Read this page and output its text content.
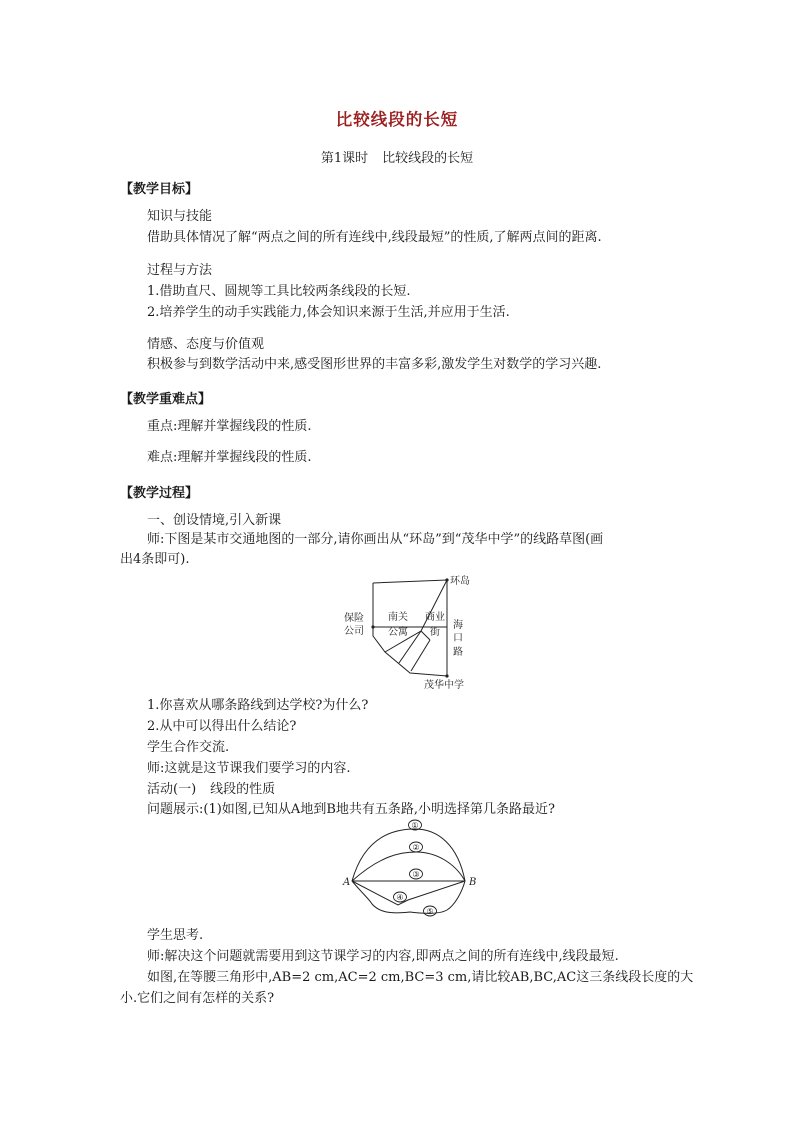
比较线段的长短
第1课时 比较线段的长短
【教学目标】
知识与技能
借助具体情况了解“两点之间的所有连线中,线段最短”的性质,了解两点间的距离.
过程与方法
1.借助直尺、圆规等工具比较两条线段的长短.
2.培养学生的动手实践能力,体会知识来源于生活,并应用于生活.
情感、态度与价值观
积极参与到数学活动中来,感受图形世界的丰富多彩,激发学生对数学的学习兴趣.
【教学重难点】
重点:理解并掌握线段的性质.
难点:理解并掌握线段的性质.
【教学过程】
一、创设情境,引入新课
师:下图是某市交通地图的一部分,请你画出从“环岛”到“茂华中学”的线路草图(画
出4条即可).
环岛
保险
公司
南关
公寓
商业
街
海
口
路
茂华中学
1.你喜欢从哪条路线到达学校?为什么?
2.从中可以得出什么结论?
学生合作交流.
师:这就是这节课我们要学习的内容.
活动(一) 线段的性质
问题展示:(1)如图,已知从A地到B地共有五条路,小明选择第几条路最近?
①
②
③
④
⑤
A	B
学生思考.
师:解决这个问题就需要用到这节课学习的内容,即两点之间的所有连线中,线段最短.
如图,在等腰三角形中,AB=2 cm,AC=2 cm,BC=3 cm,请比较AB,BC,AC这三条线段长度的大
小.它们之间有怎样的关系?
